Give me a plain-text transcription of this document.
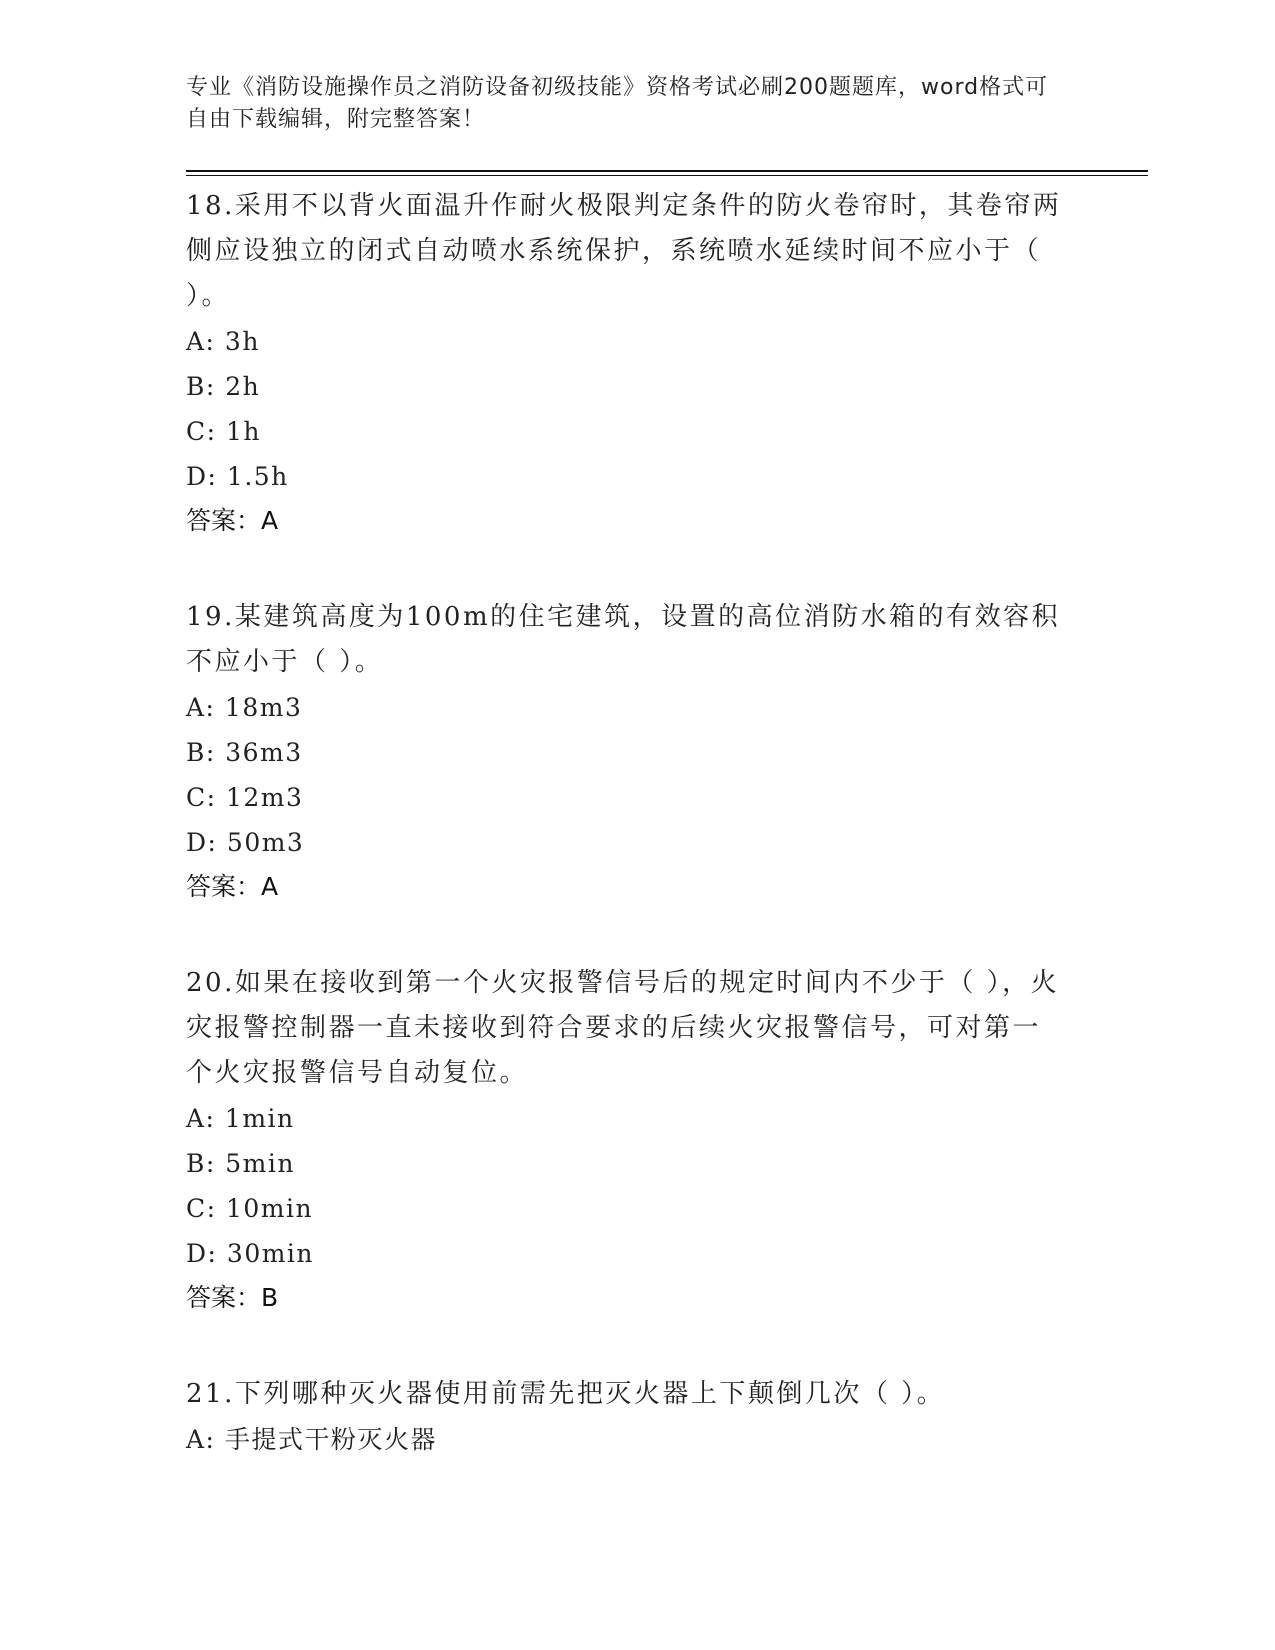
专业《消防设施操作员之消防设备初级技能》资格考试必刷200题题库，word格式可自由下载编辑，附完整答案！

18.采用不以背火面温升作耐火极限判定条件的防火卷帘时，其卷帘两侧应设独立的闭式自动喷水系统保护，系统喷水延续时间不应小于（ ）。

A: 3h

B: 2h

C: 1h

D: 1.5h

答案：A

19.某建筑高度为100m的住宅建筑，设置的高位消防水箱的有效容积不应小于（ ）。

A: 18m3

B: 36m3

C: 12m3

D: 50m3

答案：A

20.如果在接收到第一个火灾报警信号后的规定时间内不少于（ ），火灾报警控制器一直未接收到符合要求的后续火灾报警信号，可对第一个火灾报警信号自动复位。

A: 1min

B: 5min

C: 10min

D: 30min

答案：B

21.下列哪种灭火器使用前需先把灭火器上下颠倒几次（ ）。

A: 手提式干粉灭火器
